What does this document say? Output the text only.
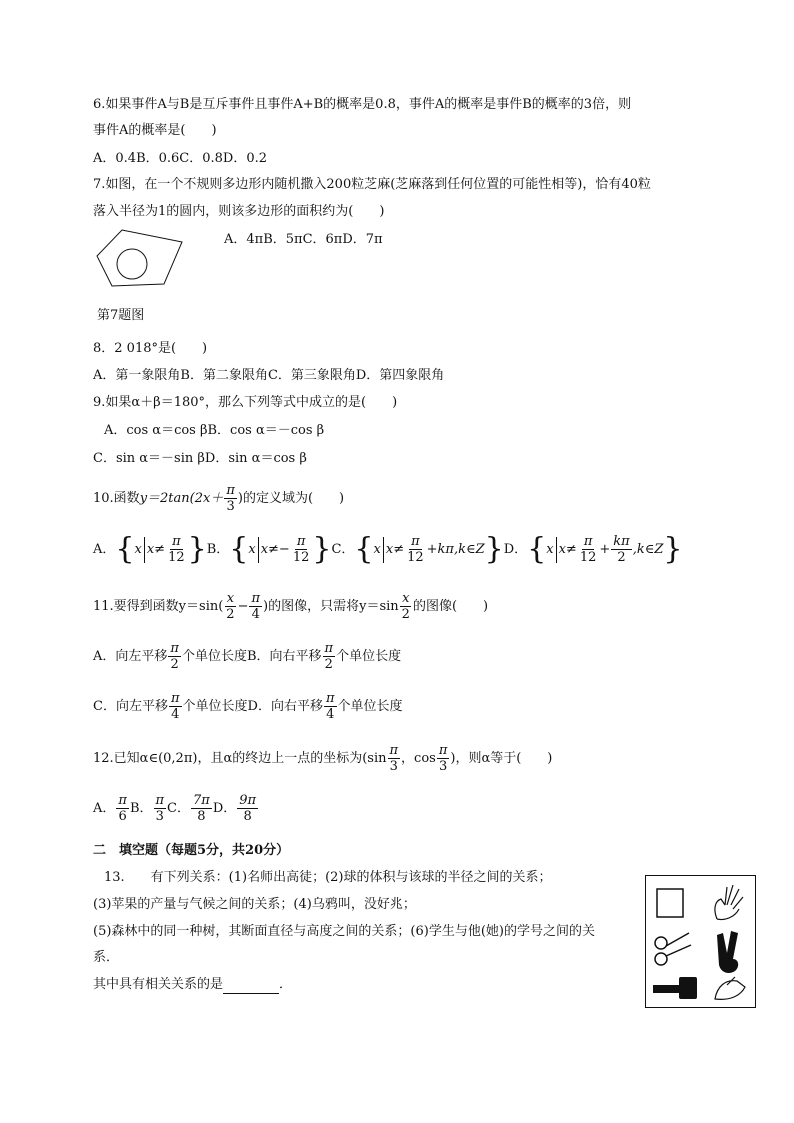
6.如果事件A与B是互斥事件且事件A+B的概率是0.8，事件A的概率是事件B的概率的3倍，则
事件A的概率是(　　)
A．0.4B．0.6C．0.8D．0.2
7.如图，在一个不规则多边形内随机撒入200粒芝麻(芝麻落到任何位置的可能性相等)，恰有40粒
落入半径为1的圆内，则该多边形的面积约为(　　)
A．4πB．5πC．6πD．7π
第7题图
8．2 018°是(　　)
A．第一象限角B．第二象限角C．第三象限角D．第四象限角
9.如果α＋β＝180°，那么下列等式中成立的是(　　)
A．cos α＝cos βB．cos α＝－cos β
C．sin α＝－sin βD．sin α＝cos β
10.函数$y=2\tan(2x+ \frac{\pi}{3}$ )的定义域为(　　)
A．{x $x\ne \frac{\pi}{12} \}B$．{x $x\ne- \frac{\pi}{12} \}C$．{x $x\ne \frac{\pi}{12}$ +kπ,k∈Z}D．{x $x\ne \frac{\pi}{12} + \frac{k\pi}{2}$ ,k∈Z}
11.要得到函数$y=\sin( \frac{x}{2} - \frac{\pi}{4}$ )的图像，只需将$y=\sin \frac{x}{2}$ 的图像(　　)
A．向左平移 $\frac{\pi}{2}$ 个单位长度B．向右平移 $\frac{\pi}{2}$ 个单位长度
C．向左平移 $\frac{\pi}{4}$ 个单位长度D．向右平移 $\frac{\pi}{4}$ 个单位长度
12.已知α∈(0,2π)，且α的终边上一点的坐标为($\sin \frac{\pi}{3}$ ，$\cos \frac{\pi}{3}$ )，则α等于(　　)
A． $\frac{\pi}{6}$ B． $\frac{\pi}{3}$ C． $\frac{7\pi}{8}$ D． $\frac{9\pi}{8}$
二　填空题（每题5分，共20分）
13.　　有下列关系：(1)名师出高徒；(2)球的体积与该球的半径之间的关系；
(3)苹果的产量与气候之间的关系；(4)乌鸦叫，没好兆；
(5)森林中的同一种树，其断面直径与高度之间的关系；(6)学生与他(她)的学号之间的关
系．
其中具有相关关系的是	．
